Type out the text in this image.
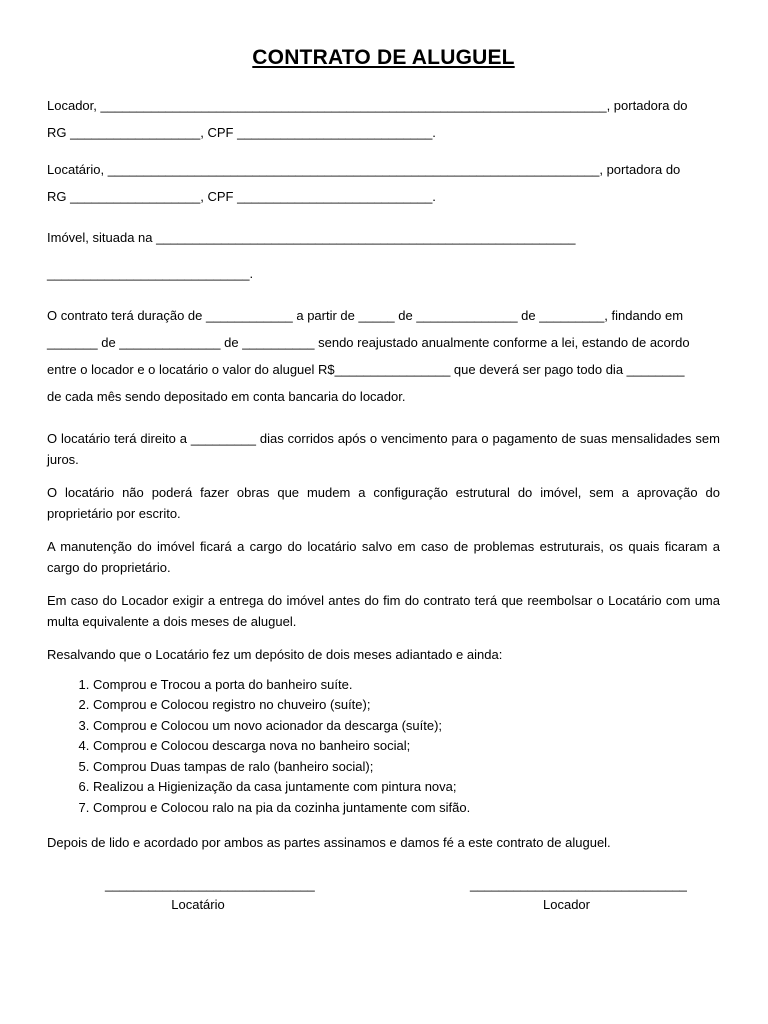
CONTRATO DE ALUGUEL
Locador, ______________________________________________________________________, portadora do
RG __________________, CPF ___________________________.
Locatário, ____________________________________________________________________, portadora do
RG __________________, CPF ___________________________.
Imóvel, situada na __________________________________________________________
____________________________.
O contrato terá duração de ____________ a partir de _____ de ______________ de _________, findando em
_______ de ______________ de __________ sendo reajustado anualmente conforme a lei, estando de acordo
entre o locador e o locatário o valor do aluguel R$________________ que deverá ser pago todo dia ________
de cada mês sendo depositado em conta bancaria do locador.

O locatário terá direito a _________ dias corridos após o vencimento para o pagamento de suas mensalidades sem juros.

O locatário não poderá fazer obras que mudem a configuração estrutural do imóvel, sem a aprovação do proprietário por escrito.

A manutenção do imóvel ficará a cargo do locatário salvo em caso de problemas estruturais, os quais ficaram a cargo do proprietário.

Em caso do Locador exigir a entrega do imóvel antes do fim do contrato terá que reembolsar o Locatário com uma multa equivalente a dois meses de aluguel.

Resalvando que o Locatário fez um depósito de dois meses adiantado e ainda:

1. Comprou e Trocou a porta do banheiro suíte.
2. Comprou e Colocou registro no chuveiro (suíte);
3. Comprou e Colocou um novo acionador da descarga (suíte);
4. Comprou e Colocou descarga nova no banheiro social;
5. Comprou Duas tampas de ralo (banheiro social);
6. Realizou a Higienização da casa juntamente com pintura nova;
7. Comprou e Colocou ralo na pia da cozinha juntamente com sifão.

Depois de lido e acordado por ambos as partes assinamos e damos fé a este contrato de aluguel.

_____________________________
Locatário
______________________________
Locador
